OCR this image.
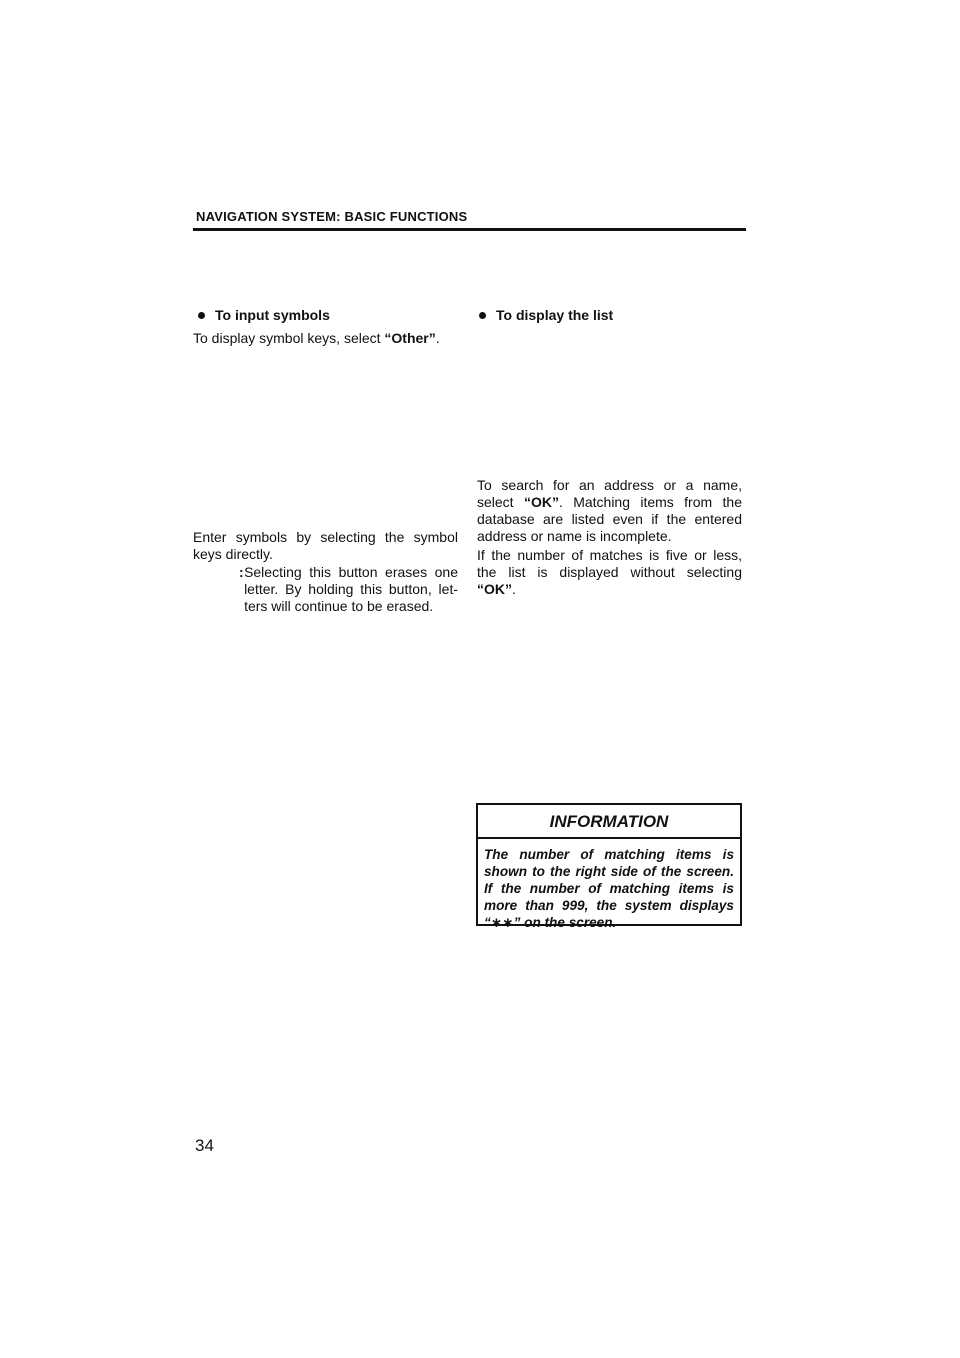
NAVIGATION SYSTEM: BASIC FUNCTIONS
To input symbols
To display symbol keys, select “Other”.
Enter symbols by selecting the symbol keys directly.
: Selecting this button erases one letter. By holding this button, let-ters will continue to be erased.
To display the list
To search for an address or a name, select “OK”. Matching items from the database are listed even if the entered address or name is incomplete.
If the number of matches is five or less, the list is displayed without selecting “OK”.
INFORMATION
The number of matching items is shown to the right side of the screen. If the number of matching items is more than 999, the system displays “∗∗” on the screen.
34
